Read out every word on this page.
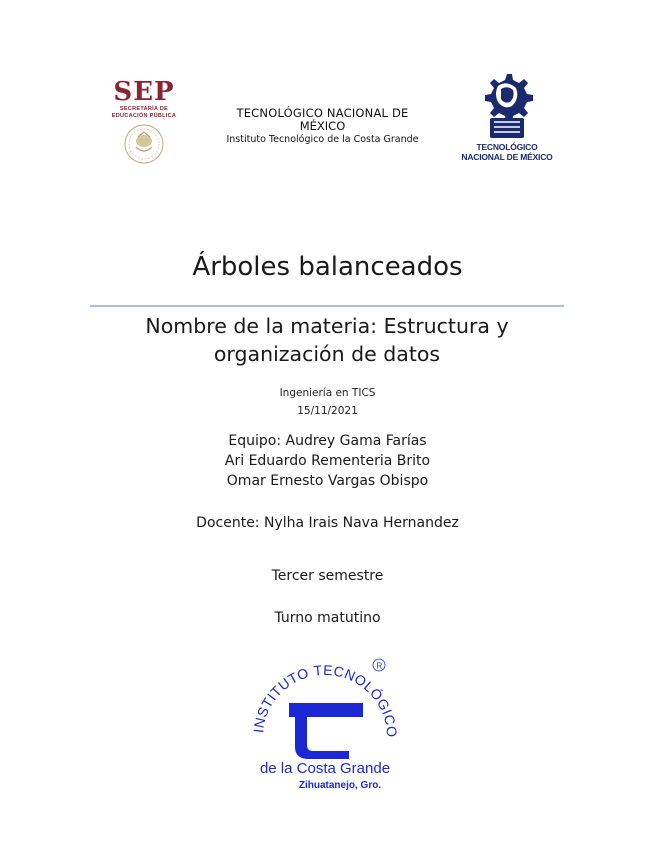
SEP
SECRETARÍA DE
EDUCACIÓN PÚBLICA	TECNOLÓGICO NACIONAL DE
MÉXICO
Instituto Tecnológico de la Costa Grande
TECNOLÓGICO
NACIONAL DE MÉXICO
Árboles balanceados
Nombre de la materia: Estructura y
organización de datos
Ingeniería en TICS
15/11/2021
Equipo: Audrey Gama Farías
Ari Eduardo Rementeria Brito
Omar Ernesto Vargas Obispo
Docente: Nylha Irais Nava Hernandez
Tercer semestre
Turno matutino
INSTITUTO TECNOLÓGICO
R
de la Costa Grande
Zihuatanejo, Gro.
